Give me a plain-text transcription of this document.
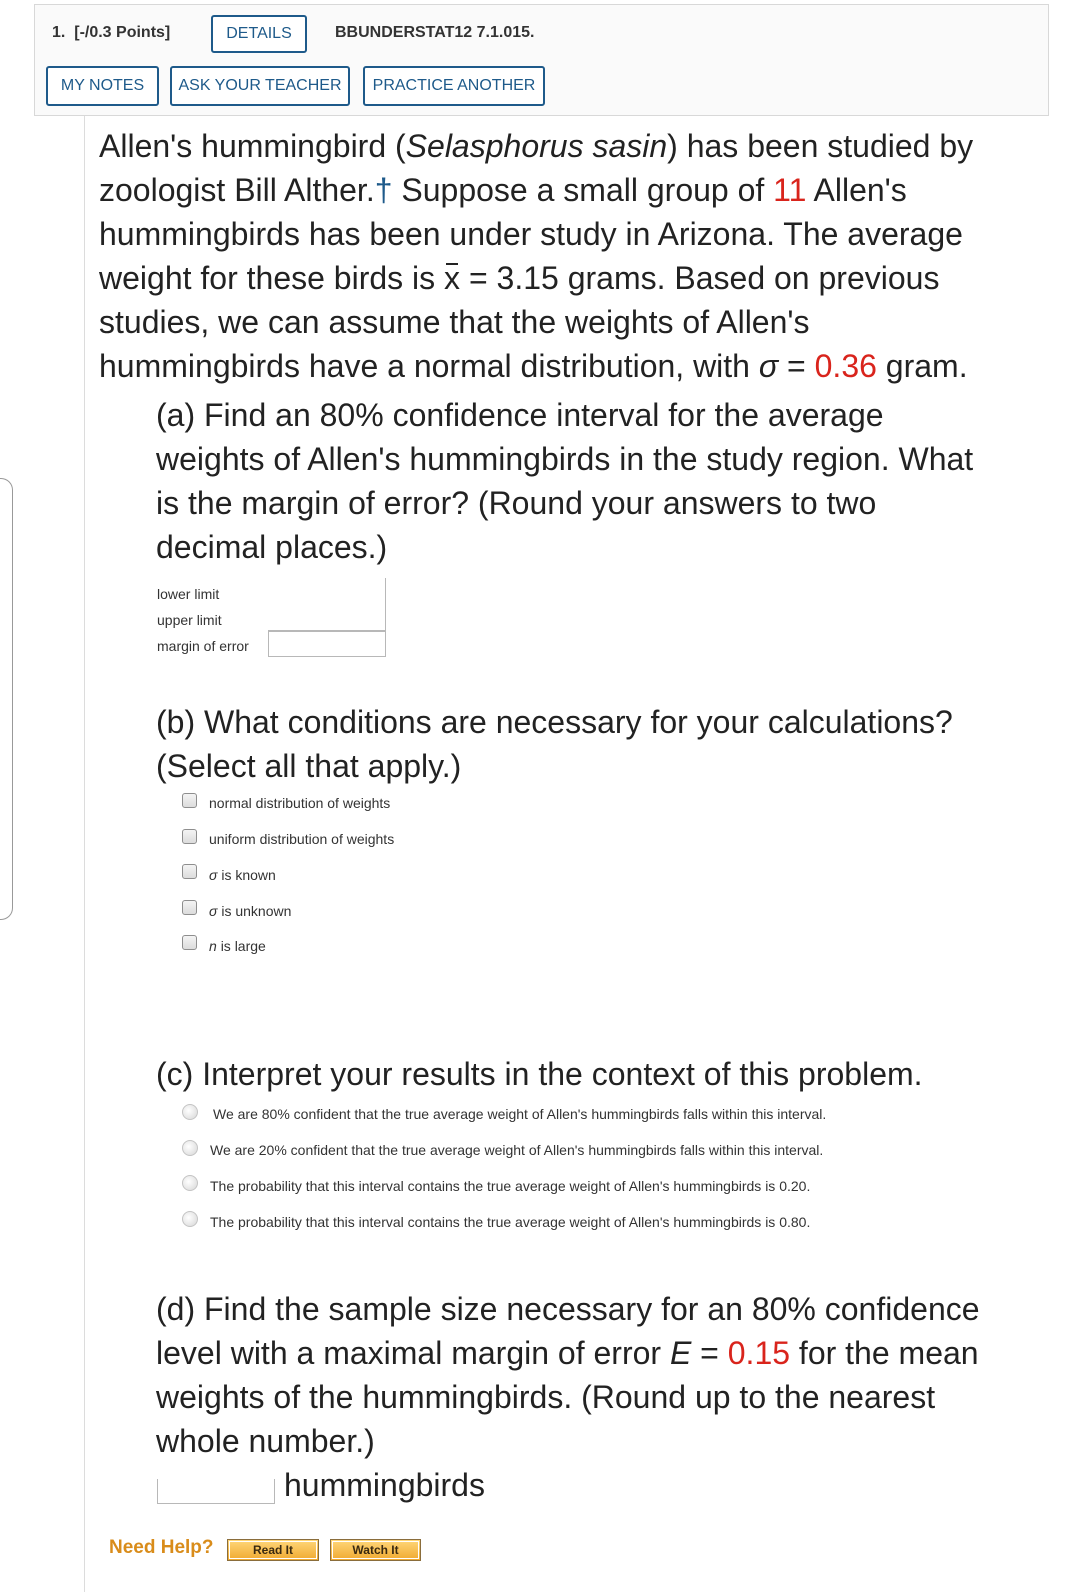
1. [-/0.3 Points]	DETAILS	BBUNDERSTAT12 7.1.015.
MY NOTES	ASK YOUR TEACHER	PRACTICE ANOTHER
Allen's hummingbird (Selasphorus sasin) has been studied by
zoologist Bill Alther.† Suppose a small group of 11 Allen's
hummingbirds has been under study in Arizona. The average
weight for these birds is x = 3.15 grams. Based on previous
studies, we can assume that the weights of Allen's
hummingbirds have a normal distribution, with σ = 0.36 gram.
(a) Find an 80% confidence interval for the average
weights of Allen's hummingbirds in the study region. What
is the margin of error? (Round your answers to two
decimal places.)
lower limit
upper limit
margin of error
(b) What conditions are necessary for your calculations?
(Select all that apply.)
normal distribution of weights
uniform distribution of weights
σ is known
σ is unknown
n is large
(c) Interpret your results in the context of this problem.
We are 80% confident that the true average weight of Allen's hummingbirds falls within this interval.
We are 20% confident that the true average weight of Allen's hummingbirds falls within this interval.
The probability that this interval contains the true average weight of Allen's hummingbirds is 0.20.
The probability that this interval contains the true average weight of Allen's hummingbirds is 0.80.
(d) Find the sample size necessary for an 80% confidence
level with a maximal margin of error E = 0.15 for the mean
weights of the hummingbirds. (Round up to the nearest
whole number.)
hummingbirds
Need Help?	Read It	Watch It
